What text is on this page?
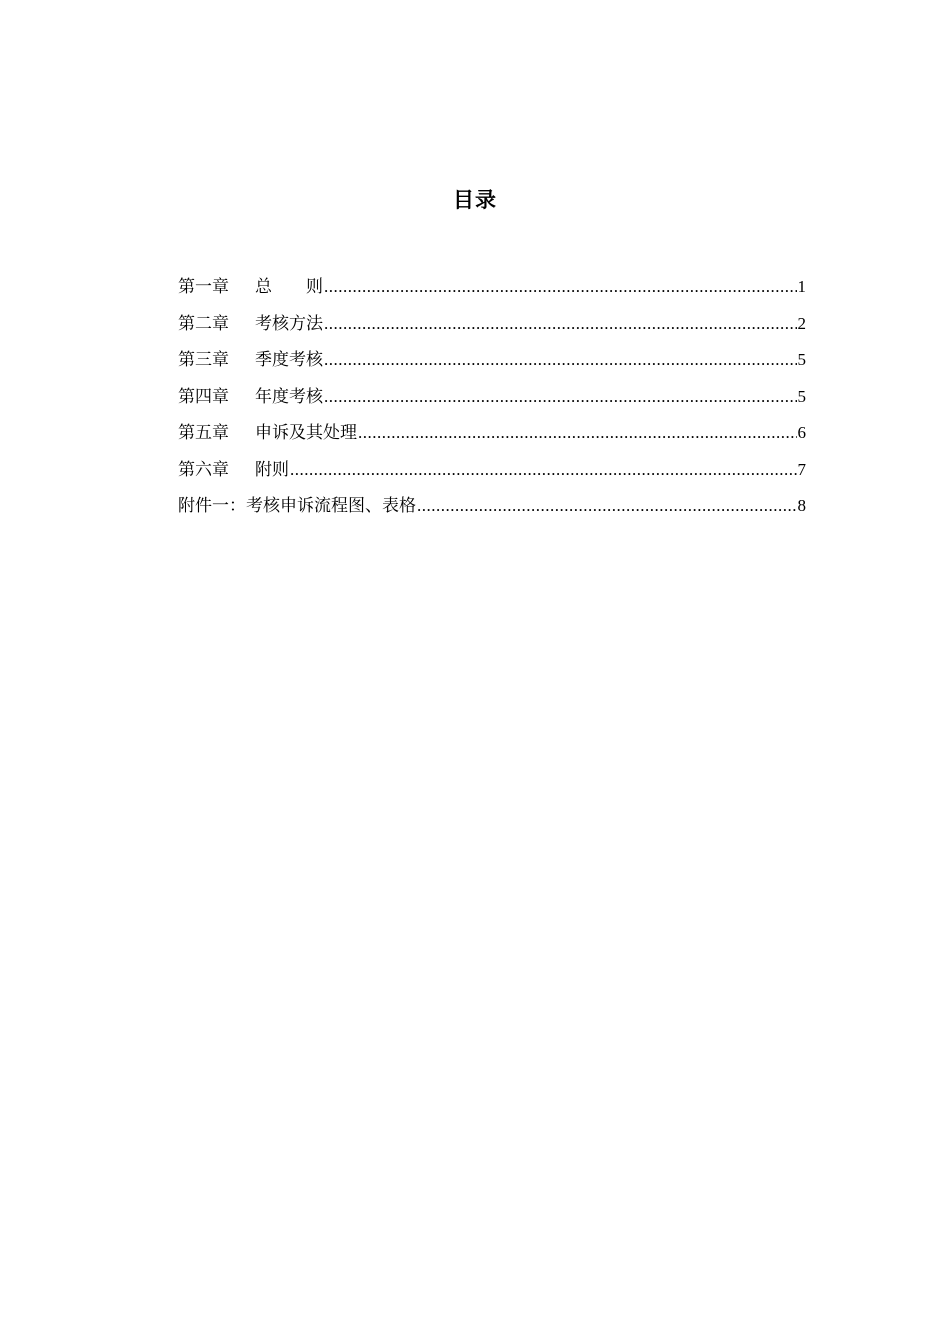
目录
第一章	总　　则 .....	1
第二章	考核方法 .....	2
第三章	季度考核 .....	5
第四章	年度考核 .....	5
第五章	申诉及其处理 .....	6
第六章	附则 .....	7
附件一：考核申诉流程图、表格 .....	8
